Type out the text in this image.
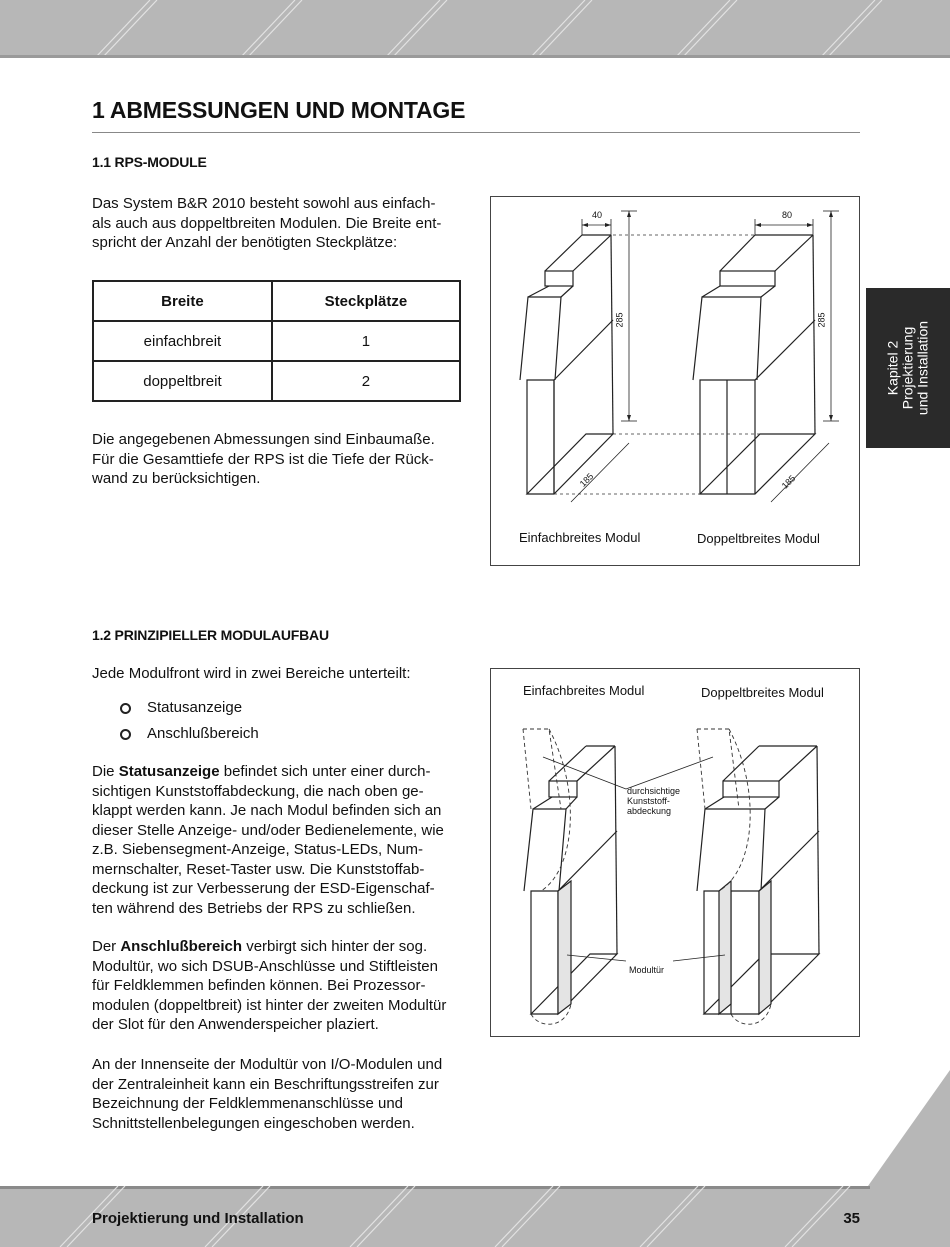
1 ABMESSUNGEN UND MONTAGE
1.1 RPS-MODULE

Das System B&R 2010 besteht sowohl aus einfach-
als auch aus doppeltbreiten Modulen. Die Breite ent-
spricht der Anzahl der benötigten Steckplätze:

Breite	Steckplätze
einfachbreit	1
doppeltbreit	2

Die angegebenen Abmessungen sind Einbaumaße.
Für die Gesamttiefe der RPS ist die Tiefe der Rück-
wand zu berücksichtigen.

40	80
285	285
185	185
Einfachbreites Modul	Doppeltbreites Modul
Kapitel 2
Projektierung
und Installation
1.2 PRINZIPIELLER MODULAUFBAU

Jede Modulfront wird in zwei Bereiche unterteilt:

Statusanzeige
Anschlußbereich

Die Statusanzeige befindet sich unter einer durch-
sichtigen Kunststoffabdeckung, die nach oben ge-
klappt werden kann. Je nach Modul befinden sich an
dieser Stelle Anzeige- und/oder Bedienelemente, wie
z.B. Siebensegment-Anzeige, Status-LEDs, Num-
mernschalter, Reset-Taster usw. Die Kunststoffab-
deckung ist zur Verbesserung der ESD-Eigenschaf-
ten während des Betriebs der RPS zu schließen.

Der Anschlußbereich verbirgt sich hinter der sog.
Modultür, wo sich DSUB-Anschlüsse und Stiftleisten
für Feldklemmen befinden können. Bei Prozessor-
modulen (doppeltbreit) ist hinter der zweiten Modultür
der Slot für den Anwenderspeicher plaziert.

An der Innenseite der Modultür von I/O-Modulen und
der Zentraleinheit kann ein Beschriftungsstreifen zur
Bezeichnung der Feldklemmenanschlüsse und
Schnittstellenbelegungen eingeschoben werden.

Einfachbreites Modul	Doppeltbreites Modul
durchsichtige
Kunststoff-
abdeckung
Modultür
Projektierung und Installation	35
